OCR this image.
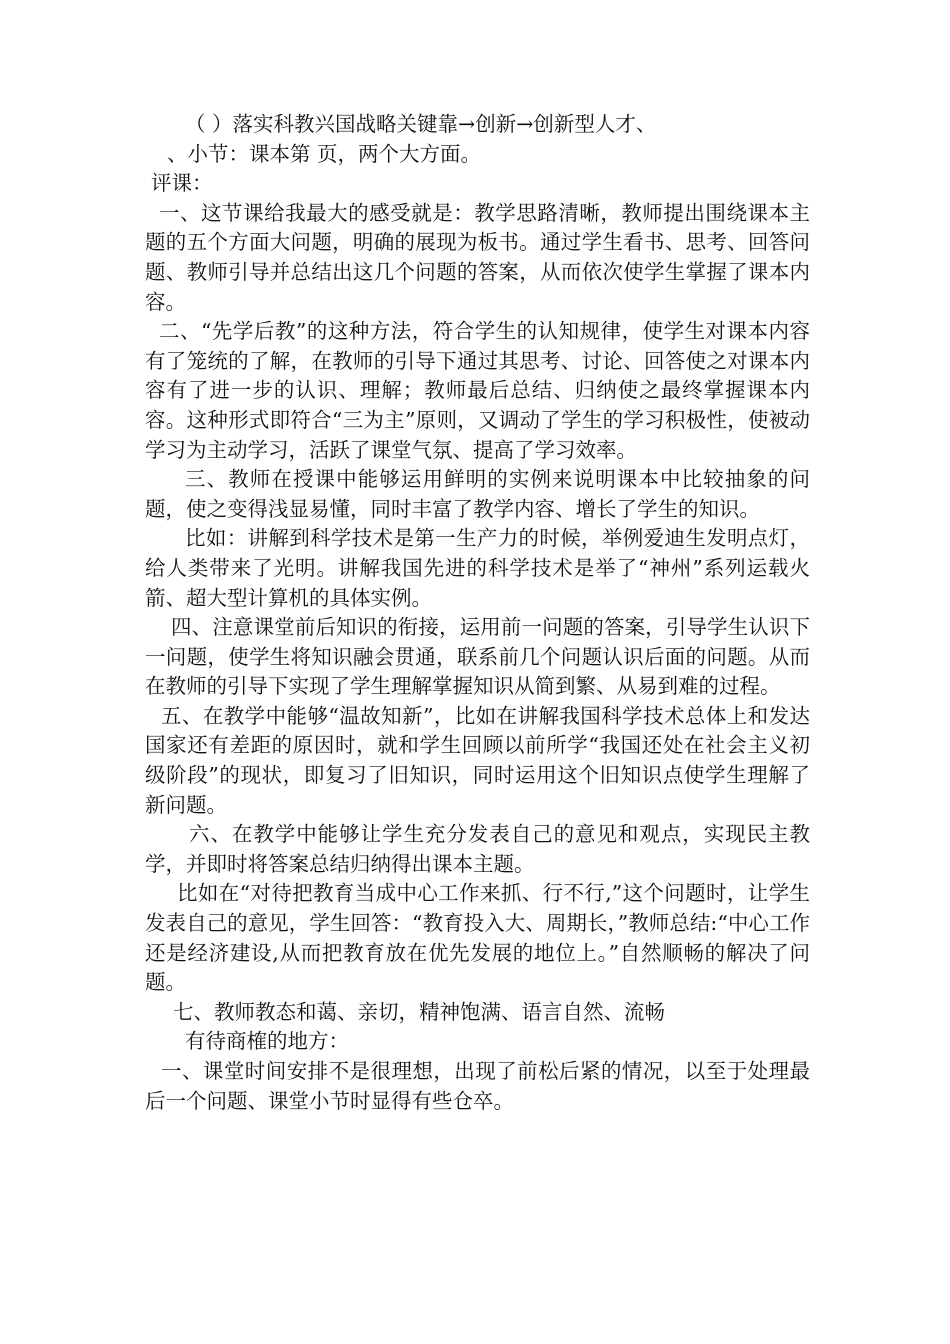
（ ）落实科教兴国战略关键靠→创新→创新型人才、

、小节：课本第 页，两个大方面。

评课：

一、这节课给我最大的感受就是：教学思路清晰，教师提出围绕课本主题的五个方面大问题，明确的展现为板书。通过学生看书、思考、回答问题、教师引导并总结出这几个问题的答案，从而依次使学生掌握了课本内容。

二、“先学后教”的这种方法，符合学生的认知规律，使学生对课本内容有了笼统的了解，在教师的引导下通过其思考、讨论、回答使之对课本内容有了进一步的认识、理解；教师最后总结、归纳使之最终掌握课本内容。这种形式即符合“三为主”原则，又调动了学生的学习积极性，使被动学习为主动学习，活跃了课堂气氛、提高了学习效率。

三、教师在授课中能够运用鲜明的实例来说明课本中比较抽象的问题，使之变得浅显易懂，同时丰富了教学内容、增长了学生的知识。

比如：讲解到科学技术是第一生产力的时候，举例爱迪生发明点灯，给人类带来了光明。讲解我国先进的科学技术是举了“神州”系列运载火箭、超大型计算机的具体实例。

四、注意课堂前后知识的衔接，运用前一问题的答案，引导学生认识下一问题，使学生将知识融会贯通，联系前几个问题认识后面的问题。从而在教师的引导下实现了学生理解掌握知识从简到繁、从易到难的过程。

五、在教学中能够“温故知新”，比如在讲解我国科学技术总体上和发达国家还有差距的原因时，就和学生回顾以前所学“我国还处在社会主义初级阶段”的现状，即复习了旧知识，同时运用这个旧知识点使学生理解了新问题。

六、在教学中能够让学生充分发表自己的意见和观点，实现民主教学，并即时将答案总结归纳得出课本主题。

比如在“对待把教育当成中心工作来抓、行不行,”这个问题时，让学生发表自己的意见，学生回答：“教育投入大、周期长，”教师总结:“中心工作还是经济建设,从而把教育放在优先发展的地位上。”自然顺畅的解决了问题。

七、教师教态和蔼、亲切，精神饱满、语言自然、流畅

有待商榷的地方：

一、课堂时间安排不是很理想，出现了前松后紧的情况，以至于处理最后一个问题、课堂小节时显得有些仓卒。
